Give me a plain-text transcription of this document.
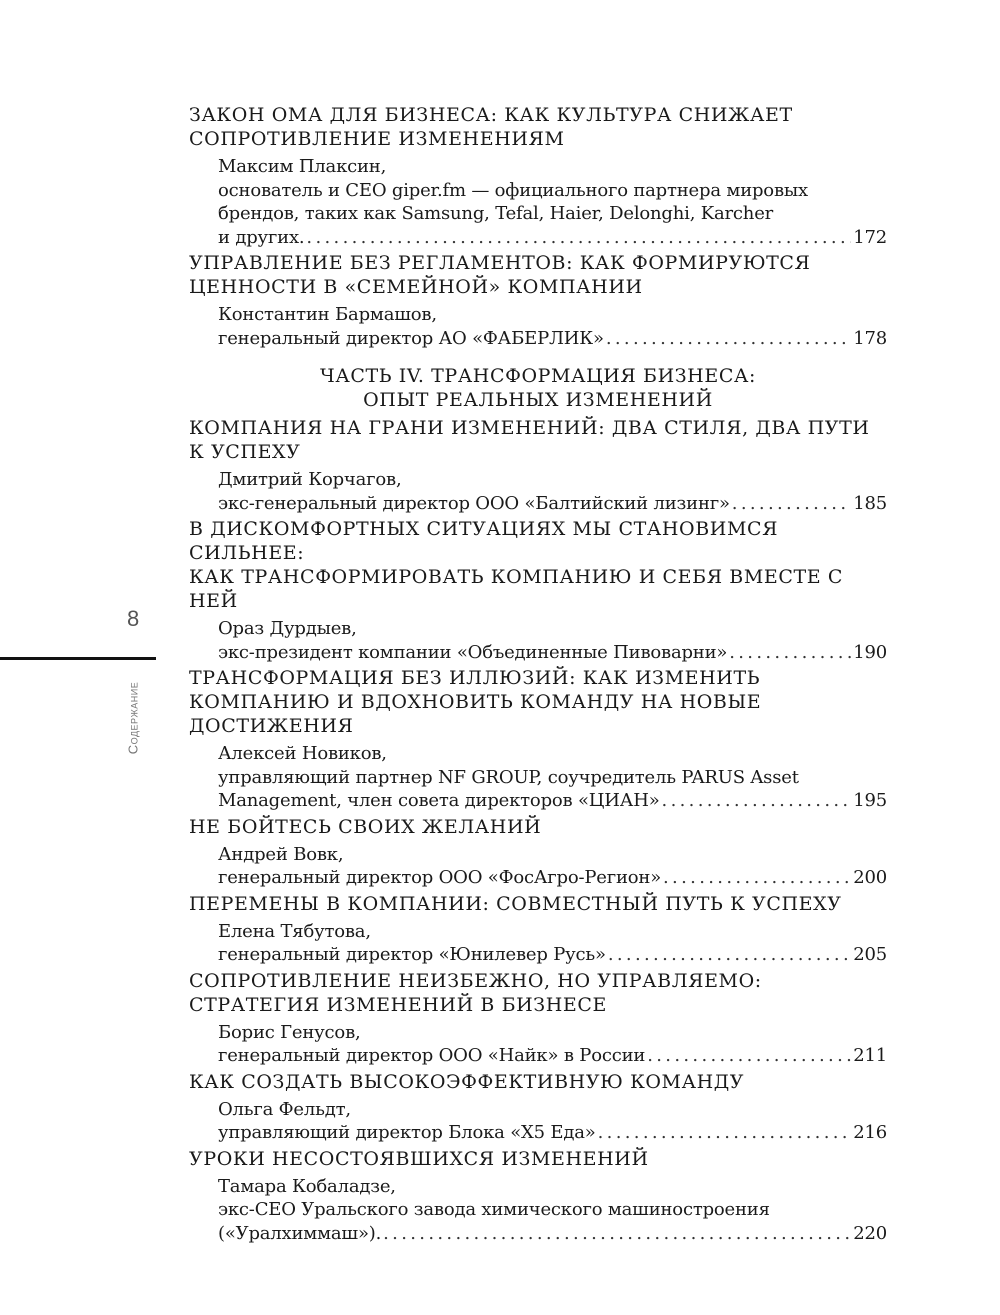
ЗАКОН ОМА ДЛЯ БИЗНЕСА: КАК КУЛЬТУРА СНИЖАЕТ
СОПРОТИВЛЕНИЕ ИЗМЕНЕНИЯМ
Максим Плаксин,
основатель и CEO giper.fm — официального партнера мировых
брендов, таких как Samsung, Tefal, Haier, Delonghi, Karcher
и других. . . .	172
УПРАВЛЕНИЕ БЕЗ РЕГЛАМЕНТОВ: КАК ФОРМИРУЮТСЯ
ЦЕННОСТИ В «СЕМЕЙНОЙ» КОМПАНИИ
Константин Бармашов,
генеральный директор АО «ФАБЕРЛИК» . . .	178
ЧАСТЬ IV. ТРАНСФОРМАЦИЯ БИЗНЕСА:
ОПЫТ РЕАЛЬНЫХ ИЗМЕНЕНИЙ
КОМПАНИЯ НА ГРАНИ ИЗМЕНЕНИЙ: ДВА СТИЛЯ, ДВА ПУТИ
К УСПЕХУ
Дмитрий Корчагов,
экс-генеральный директор ООО «Балтийский лизинг» . . .	185
В ДИСКОМФОРТНЫХ СИТУАЦИЯХ МЫ СТАНОВИМСЯ СИЛЬНЕЕ:
КАК ТРАНСФОРМИРОВАТЬ КОМПАНИЮ И СЕБЯ ВМЕСТЕ С НЕЙ
Ораз Дурдыев,
экс-президент компании «Объединенные Пивоварни» . . .	190
ТРАНСФОРМАЦИЯ БЕЗ ИЛЛЮЗИЙ: КАК ИЗМЕНИТЬ
КОМПАНИЮ И ВДОХНОВИТЬ КОМАНДУ НА НОВЫЕ
ДОСТИЖЕНИЯ
Алексей Новиков,
управляющий партнер NF GROUP, соучредитель PARUS Asset
Management, член совета директоров «ЦИАН» . . .	195
НЕ БОЙТЕСЬ СВОИХ ЖЕЛАНИЙ
Андрей Вовк,
генеральный директор ООО «ФосАгро-Регион» . . .	200
ПЕРЕМЕНЫ В КОМПАНИИ: СОВМЕСТНЫЙ ПУТЬ К УСПЕХУ
Елена Тябутова,
генеральный директор «Юнилевер Русь» . . .	205
СОПРОТИВЛЕНИЕ НЕИЗБЕЖНО, НО УПРАВЛЯЕМО:
СТРАТЕГИЯ ИЗМЕНЕНИЙ В БИЗНЕСЕ
Борис Генусов,
генеральный директор ООО «Найк» в России . . .	211
КАК СОЗДАТЬ ВЫСОКОЭФФЕКТИВНУЮ КОМАНДУ
Ольга Фельдт,
управляющий директор Блока «X5 Еда» . . .	216
УРОКИ НЕСОСТОЯВШИХСЯ ИЗМЕНЕНИЙ
Тамара Кобаладзе,
экс-CEO Уральского завода химического машиностроения
(«Уралхиммаш»). . . .	220
8
Содержание
